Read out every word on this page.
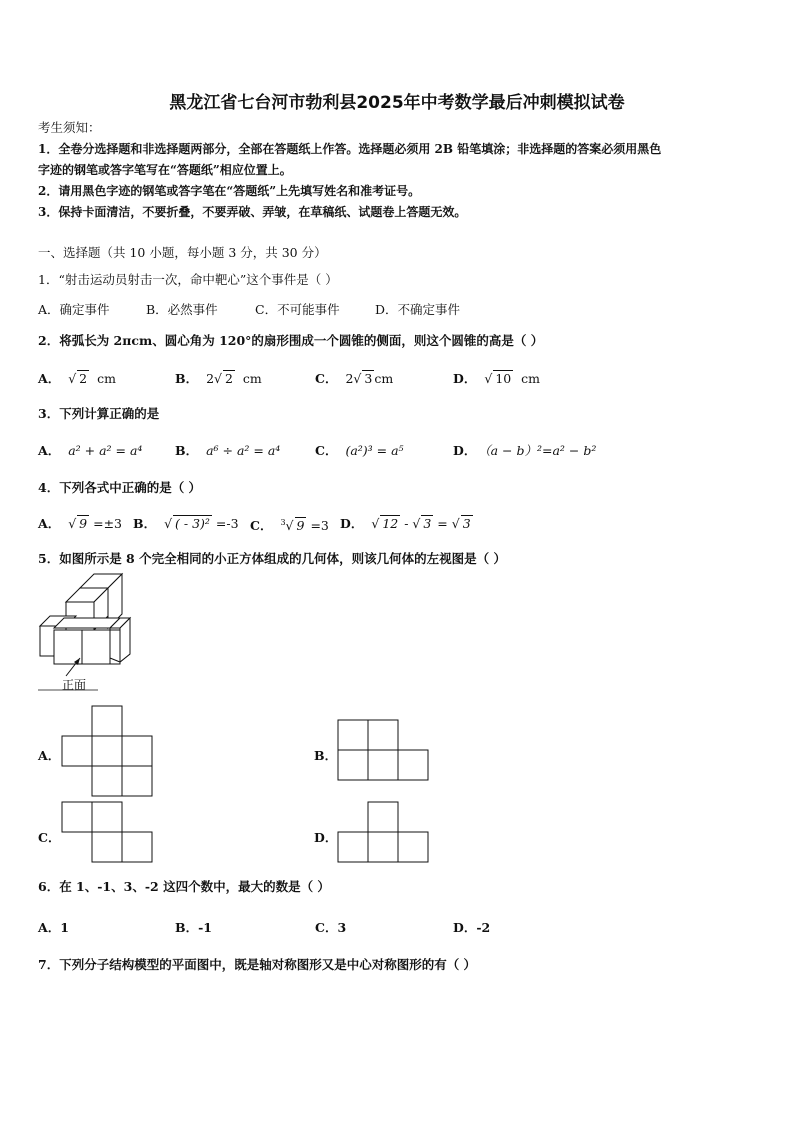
黑龙江省七台河市勃利县2025年中考数学最后冲刺模拟试卷
考生须知：
1．全卷分选择题和非选择题两部分，全部在答题纸上作答。选择题必须用 2B 铅笔填涂；非选择题的答案必须用黑色
字迹的钢笔或答字笔写在“答题纸”相应位置上。
2．请用黑色字迹的钢笔或答字笔在“答题纸”上先填写姓名和准考证号。
3．保持卡面清洁，不要折叠，不要弄破、弄皱，在草稿纸、试题卷上答题无效。
一、选择题（共 10 小题，每小题 3 分，共 30 分）
1．“射击运动员射击一次，命中靶心”这个事件是（ ）
A．确定事件	B．必然事件	C．不可能事件	D．不确定事件
2．将弧长为 2πcm、圆心角为 120°的扇形围成一个圆锥的侧面，则这个圆锥的高是（ ）
A． √ 2 cm	B． 2√ 2 cm	C． 2√ 3 cm	D． √ 10 cm
3．下列计算正确的是
A． a² + a² = a⁴	B． a⁶ ÷ a² = a⁴	C． (a²)³ = a⁵	D． （a − b）²=a² − b²
4．下列各式中正确的是（ ）
A． √ 9 =±3 B． √ ( - 3)² =-3 C． $^3$√ 9 =3 D． √ 12 - √ 3 = √ 3
5．如图所示是 8 个完全相同的小正方体组成的几何体，则该几何体的左视图是（ ）
正面
A．	B．
C．	D．
6．在 1、-1、3、-2 这四个数中，最大的数是（ ）
A．1	B．-1	C．3	D．-2
7．下列分子结构模型的平面图中，既是轴对称图形又是中心对称图形的有（ ）
